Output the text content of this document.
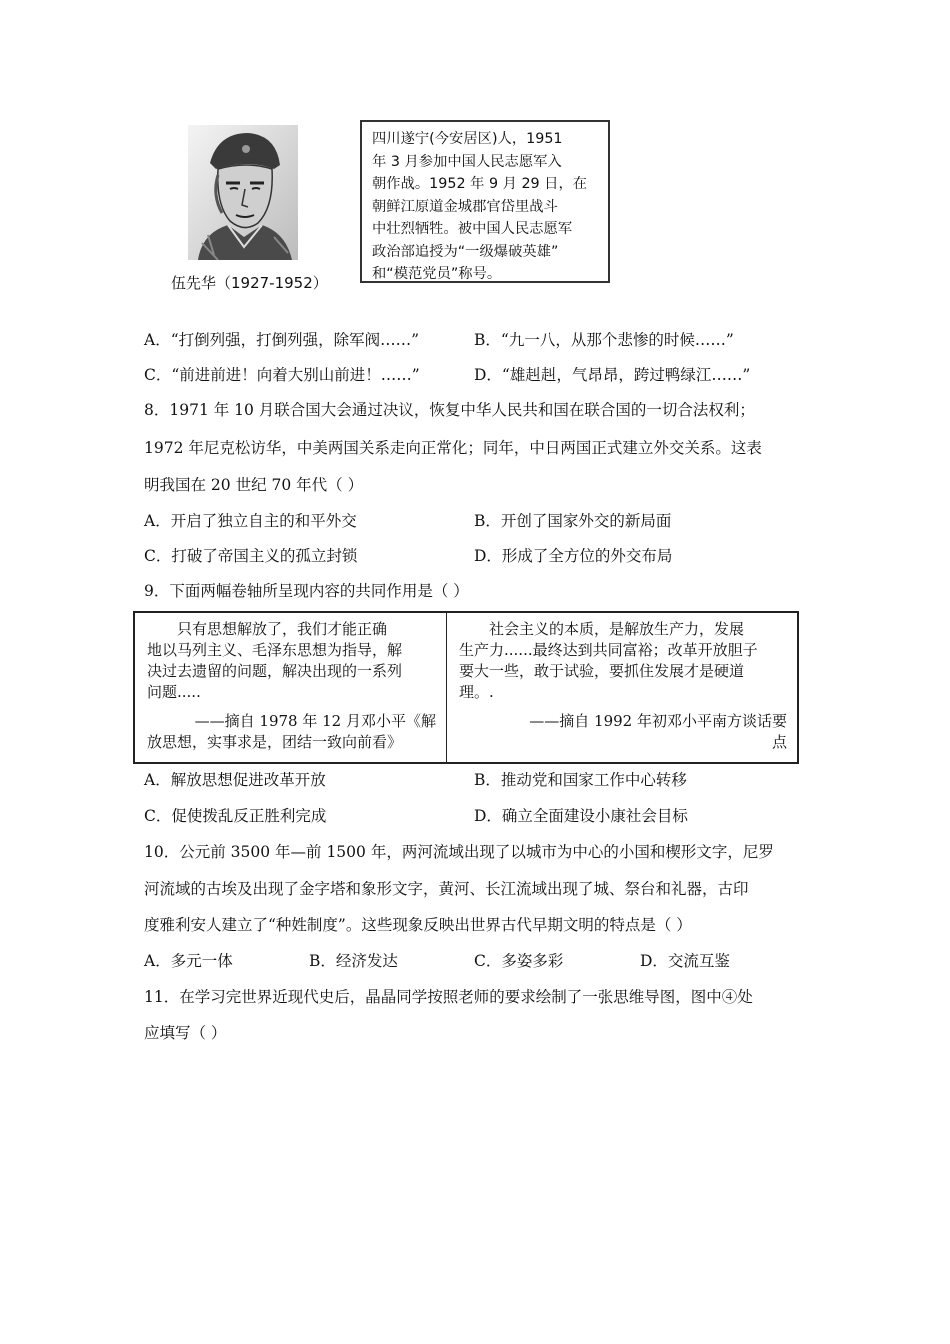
伍先华（1927-1952）
四川遂宁(今安居区)人，1951
年 3 月参加中国人民志愿军入
朝作战。1952 年 9 月 29 日，在
朝鲜江原道金城郡官岱里战斗
中壮烈牺牲。被中国人民志愿军
政治部追授为“一级爆破英雄”
和“模范党员”称号。
A．“打倒列强，打倒列强，除军阀……”	B．“九一八，从那个悲惨的时候……”
C．“前进前进！向着大别山前进！……”	D．“雄赳赳，气昂昂，跨过鸭绿江……”
8．1971 年 10 月联合国大会通过决议，恢复中华人民共和国在联合国的一切合法权利；
1972 年尼克松访华，中美两国关系走向正常化；同年，中日两国正式建立外交关系。这表
明我国在 20 世纪 70 年代（ ）
A．开启了独立自主的和平外交	B．开创了国家外交的新局面
C．打破了帝国主义的孤立封锁	D．形成了全方位的外交布局
9．下面两幅卷轴所呈现内容的共同作用是（ ）
　　只有思想解放了，我们才能正确
地以马列主义、毛泽东思想为指导，解
决过去遗留的问题，解决出现的一系列
问题.....
——摘自 1978 年 12 月邓小平《解
放思想，实事求是，团结一致向前看》
　　社会主义的本质，是解放生产力，发展
生产力......最终达到共同富裕；改革开放胆子
要大一些，敢于试验，要抓住发展才是硬道
理。.
——摘自 1992 年初邓小平南方谈话要
点
A．解放思想促进改革开放	B．推动党和国家工作中心转移
C．促使拨乱反正胜利完成	D．确立全面建设小康社会目标
10．公元前 3500 年—前 1500 年，两河流域出现了以城市为中心的小国和楔形文字，尼罗
河流域的古埃及出现了金字塔和象形文字，黄河、长江流域出现了城、祭台和礼器，古印
度雅利安人建立了“种姓制度”。这些现象反映出世界古代早期文明的特点是（ ）
A．多元一体	B．经济发达	C．多姿多彩	D．交流互鉴
11．在学习完世界近现代史后，晶晶同学按照老师的要求绘制了一张思维导图，图中④处
应填写（ ）
